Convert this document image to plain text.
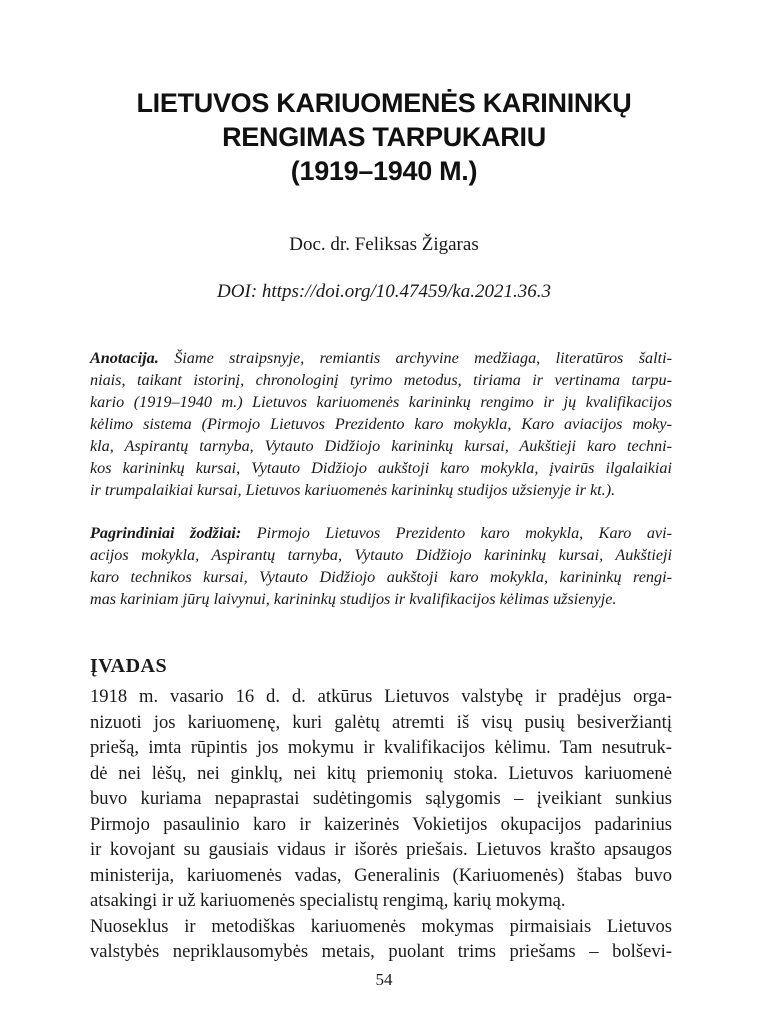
LIETUVOS KARIUOMENĖS KARININKŲ
RENGIMAS TARPUKARIU
(1919–1940 M.)
Doc. dr. Feliksas Žigaras
DOI: https://doi.org/10.47459/ka.2021.36.3
Anotacija. Šiame straipsnyje, remiantis archyvine medžiaga, literatūros šalti-
niais, taikant istorinį, chronologinį tyrimo metodus, tiriama ir vertinama tarpu-
kario (1919–1940 m.) Lietuvos kariuomenės karininkų rengimo ir jų kvalifikacijos
kėlimo sistema (Pirmojo Lietuvos Prezidento karo mokykla, Karo aviacijos moky-
kla, Aspirantų tarnyba, Vytauto Didžiojo karininkų kursai, Aukštieji karo techni-
kos karininkų kursai, Vytauto Didžiojo aukštoji karo mokykla, įvairūs ilgalaikiai
ir trumpalaikiai kursai, Lietuvos kariuomenės karininkų studijos užsienyje ir kt.).
Pagrindiniai žodžiai: Pirmojo Lietuvos Prezidento karo mokykla, Karo avi-
acijos mokykla, Aspirantų tarnyba, Vytauto Didžiojo karininkų kursai, Aukštieji
karo technikos kursai, Vytauto Didžiojo aukštoji karo mokykla, karininkų rengi-
mas kariniam jūrų laivynui, karininkų studijos ir kvalifikacijos kėlimas užsienyje.
ĮVADAS

1918 m. vasario 16 d. d. atkūrus Lietuvos valstybę ir pradėjus orga-
nizuoti jos kariuomenę, kuri galėtų atremti iš visų pusių besiveržiantį
priešą, imta rūpintis jos mokymu ir kvalifikacijos kėlimu. Tam nesutruk-
dė nei lėšų, nei ginklų, nei kitų priemonių stoka. Lietuvos kariuomenė
buvo kuriama nepaprastai sudėtingomis sąlygomis – įveikiant sunkius
Pirmojo pasaulinio karo ir kaizerinės Vokietijos okupacijos padarinius
ir kovojant su gausiais vidaus ir išorės priešais. Lietuvos krašto apsaugos
ministerija, kariuomenės vadas, Generalinis (Kariuomenės) štabas buvo
atsakingi ir už kariuomenės specialistų rengimą, karių mokymą.

Nuoseklus ir metodiškas kariuomenės mokymas pirmaisiais Lietuvos
valstybės nepriklausomybės metais, puolant trims priešams – bolševi-

54
